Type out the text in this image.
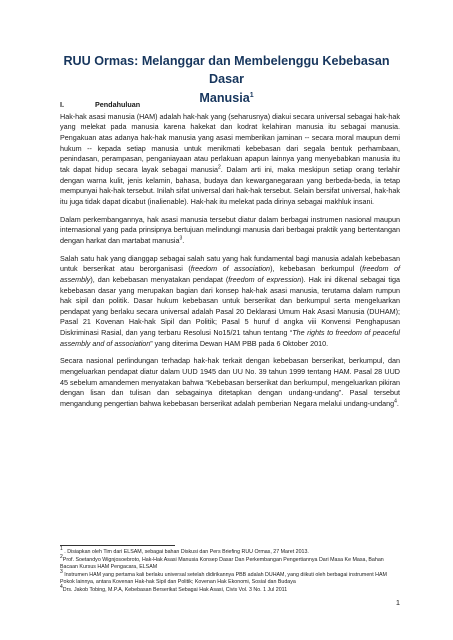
RUU Ormas: Melanggar dan Membelenggu Kebebasan Dasar
Manusia$^1$
I.	Pendahuluan

Hak-hak asasi manusia (HAM) adalah hak-hak yang (seharusnya) diakui secara universal sebagai hak-hak yang melekat pada manusia karena hakekat dan kodrat kelahiran manusia itu sebagai manusia. Pengakuan atas adanya hak-hak manusia yang asasi memberikan jaminan -- secara moral maupun demi hukum -- kepada setiap manusia untuk menikmati kebebasan dari segala bentuk perhambaan, penindasan, perampasan, penganiayaan atau perlakuan apapun lainnya yang menyebabkan manusia itu tak dapat hidup secara layak sebagai manusia$^2$. Dalam arti ini, maka meskipun setiap orang terlahir dengan warna kulit, jenis kelamin, bahasa, budaya dan kewarganegaraan yang berbeda-beda, ia tetap mempunyai hak-hak tersebut. Inilah sifat universal dari hak-hak tersebut. Selain bersifat universal, hak-hak itu juga tidak dapat dicabut (inalienable). Hak-hak itu melekat pada dirinya sebagai makhluk insani.

Dalam perkembangannya, hak asasi manusia tersebut diatur dalam berbagai instrumen nasional maupun internasional yang pada prinsipnya bertujuan melindungi manusia dari berbagai praktik yang bertentangan dengan harkat dan martabat manusia$^3$.

Salah satu hak yang dianggap sebagai salah satu yang hak fundamental bagi manusia adalah kebebasan untuk berserikat atau berorganisasi (freedom of association), kebebasan berkumpul (freedom of assembly), dan kebebasan menyatakan pendapat (freedom of expression). Hak ini dikenal sebagai tiga kebebasan dasar yang merupakan bagian dari konsep hak-hak asasi manusia, terutama dalam rumpun hak sipil dan politik. Dasar hukum kebebasan untuk berserikat dan berkumpul serta mengeluarkan pendapat yang berlaku secara universal adalah Pasal 20 Deklarasi Umum Hak Asasi Manusia (DUHAM); Pasal 21 Kovenan Hak-hak Sipil dan Politik; Pasal 5 huruf d angka viii Konvensi Penghapusan Diskriminasi Rasial, dan yang terbaru Resolusi No15/21 tahun tentang “The rights to freedom of peaceful assembly and of association” yang diterima Dewan HAM PBB pada 6 Oktober 2010.

Secara nasional perlindungan terhadap hak-hak terkait dengan kebebasan berserikat, berkumpul, dan mengeluarkan pendapat diatur dalam UUD 1945 dan UU No. 39 tahun 1999 tentang HAM. Pasal 28 UUD 45 sebelum amandemen menyatakan bahwa “Kebebasan berserikat dan berkumpul, mengeluarkan pikiran dengan lisan dan tulisan dan sebagainya ditetapkan dengan undang-undang”. Pasal tersebut mengandung pengertian bahwa kebebasan berserikat adalah pemberian Negara melalui undang-undang$^4$.

$^1$ . Disiapkan oleh Tim dari ELSAM, sebagai bahan Diskusi dan Pers Briefing RUU Ormas, 27 Maret 2013.
$^2$Prof. Soetandyo Wignjosoebroto, Hak-Hak Asasi Manusia Konsep Dasar Dan Perkembangan Pengertiannya Dari Masa Ke Masa, Bahan Bacaan Kursus HAM Pengacara, ELSAM
$^3$ Instrumen HAM yang pertama kali berlaku universal setelah didirikannya PBB adalah DUHAM, yang diikuti oleh berbagai instrument HAM Pokok lainnya, antara Kovenan Hak-hak Sipil dan Politik; Kovenan Hak Ekonomi, Sosial dan Budaya
$^4$Drs. Jakob Tobing, M.P.A, Kebebasan Berserikat Sebagai Hak Asasi, Civis Vol. 3 No. 1 Jul 2011
1
